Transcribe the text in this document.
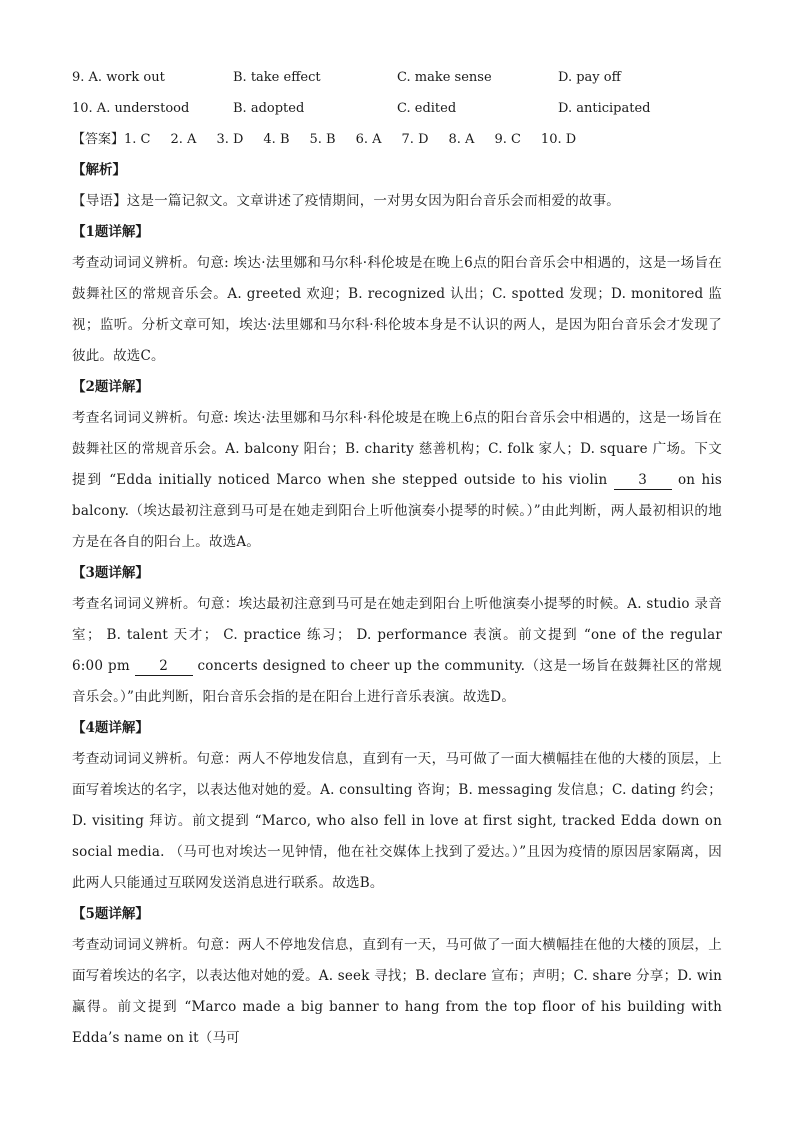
9. A. work out	B. take effect	C. make sense	D. pay off
10. A. understood	B. adopted	C. edited	D. anticipated
【答案】1. C 2. A 3. D 4. B 5. B 6. A 7. D 8. A 9. C 10. D
【解析】

【导语】这是一篇记叙文。文章讲述了疫情期间，一对男女因为阳台音乐会而相爱的故事。

【1题详解】

考查动词词义辨析。句意: 埃达·法里娜和马尔科·科伦坡是在晚上6点的阳台音乐会中相遇的，这是一场旨在鼓舞社区的常规音乐会。A. greeted 欢迎；B. recognized 认出；C. spotted 发现；D. monitored 监视；监听。分析文章可知，埃达·法里娜和马尔科·科伦坡本身是不认识的两人，是因为阳台音乐会才发现了彼此。故选C。

【2题详解】

考查名词词义辨析。句意: 埃达·法里娜和马尔科·科伦坡是在晚上6点的阳台音乐会中相遇的，这是一场旨在鼓舞社区的常规音乐会。A. balcony 阳台；B. charity 慈善机构；C. folk 家人；D. square 广场。下文提到 “Edda initially noticed Marco when she stepped outside to his violin 3 on his balcony.（埃达最初注意到马可是在她走到阳台上听他演奏小提琴的时候。）”由此判断，两人最初相识的地方是在各自的阳台上。故选A。

【3题详解】

考查名词词义辨析。句意：埃达最初注意到马可是在她走到阳台上听他演奏小提琴的时候。A. studio 录音室； B. talent 天才； C. practice 练习； D. performance 表演。前文提到 “one of the regular 6:00 pm 2 concerts designed to cheer up the community.（这是一场旨在鼓舞社区的常规音乐会。）”由此判断，阳台音乐会指的是在阳台上进行音乐表演。故选D。

【4题详解】

考查动词词义辨析。句意：两人不停地发信息，直到有一天，马可做了一面大横幅挂在他的大楼的顶层，上面写着埃达的名字，以表达他对她的爱。A. consulting 咨询；B. messaging 发信息；C. dating 约会；D. visiting 拜访。前文提到 “Marco, who also fell in love at first sight, tracked Edda down on social media. （马可也对埃达一见钟情，他在社交媒体上找到了爱达。）”且因为疫情的原因居家隔离，因此两人只能通过互联网发送消息进行联系。故选B。

【5题详解】

考查动词词义辨析。句意：两人不停地发信息，直到有一天，马可做了一面大横幅挂在他的大楼的顶层，上面写着埃达的名字，以表达他对她的爱。A. seek 寻找；B. declare 宣布；声明；C. share 分享；D. win 赢得。前文提到 “Marco made a big banner to hang from the top floor of his building with Edda’s name on it（马可
